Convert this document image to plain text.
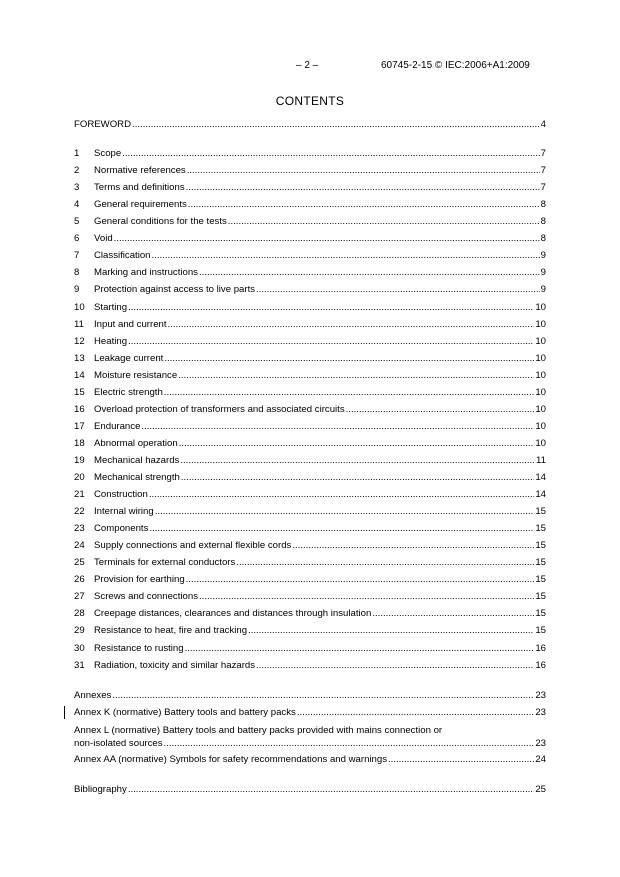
– 2 –	60745-2-15 © IEC:2006+A1:2009
CONTENTS
FOREWORD .....	4
1	Scope .....	7
2	Normative references .....	7
3	Terms and definitions .....	7
4	General requirements .....	8
5	General conditions for the tests .....	8
6	Void .....	8
7	Classification .....	9
8	Marking and instructions .....	9
9	Protection against access to live parts .....	9
10 Starting .....	10
11	Input and current .....	10
12 Heating .....	10
13 Leakage current .....	10
14 Moisture resistance .....	10
15 Electric strength .....	10
16 Overload protection of transformers and associated circuits .....	10
17 Endurance .....	10
18 Abnormal operation .....	10
19 Mechanical hazards .....	11
20 Mechanical strength .....	14
21 Construction .....	14
22 Internal wiring .....	15
23 Components .....	15
24 Supply connections and external flexible cords .....	15
25 Terminals for external conductors .....	15
26 Provision for earthing .....	15
27 Screws and connections .....	15
28 Creepage distances, clearances and distances through insulation .....	15
29 Resistance to heat, fire and tracking .....	15
30 Resistance to rusting .....	16
31 Radiation, toxicity and similar hazards .....	16
Annexes .....	23
Annex K (normative) Battery tools and battery packs .....	23
Annex L (normative) Battery tools and battery packs provided with mains connection or
non-isolated sources .....	23
Annex AA (normative) Symbols for safety recommendations and warnings .....	24
Bibliography .....	25
